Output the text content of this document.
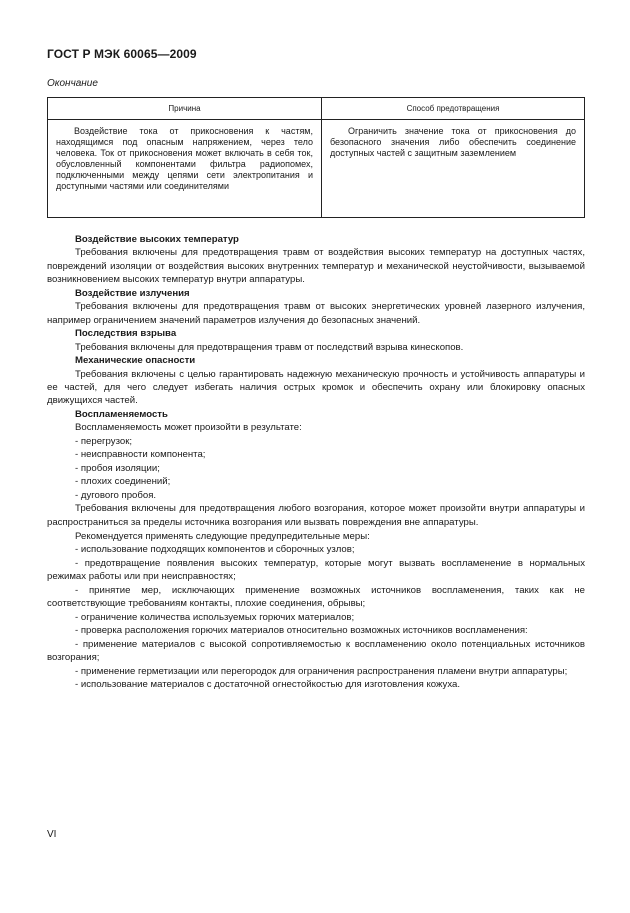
ГОСТ Р МЭК 60065—2009
Окончание
Причина	Способ предотвращения

Воздействие тока от прикосновения к частям, находящимся под опасным напряжением, через тело человека. Ток от прикосновения может включать в себя ток, обусловленный компонентами фильтра радиопомех, подключенными между цепями сети электропитания и доступными частями или соединителями	Ограничить значение тока от прикосновения до безопасного значения либо обеспечить соединение доступных частей с защитным заземлением

Воздействие высоких температур

Требования включены для предотвращения травм от воздействия высоких температур на доступных частях, повреждений изоляции от воздействия высоких внутренних температур и механической неустойчивости, вызываемой возникновением высоких температур внутри аппаратуры.

Воздействие излучения

Требования включены для предотвращения травм от высоких энергетических уровней лазерного излучения, например ограничением значений параметров излучения до безопасных значений.

Последствия взрыва

Требования включены для предотвращения травм от последствий взрыва кинескопов.

Механические опасности

Требования включены с целью гарантировать надежную механическую прочность и устойчивость аппаратуры и ее частей, для чего следует избегать наличия острых кромок и обеспечить охрану или блокировку опасных движущихся частей.

Воспламеняемость

Воспламеняемость может произойти в результате:

- перегрузок;

- неисправности компонента;

- пробоя изоляции;

- плохих соединений;

- дугового пробоя.

Требования включены для предотвращения любого возгорания, которое может произойти внутри аппаратуры и распространиться за пределы источника возгорания или вызвать повреждения вне аппаратуры.

Рекомендуется применять следующие предупредительные меры:

- использование подходящих компонентов и сборочных узлов;

- предотвращение появления высоких температур, которые могут вызвать воспламенение в нормальных режимах работы или при неисправностях;

- принятие мер, исключающих применение возможных источников воспламенения, таких как не соответствующие требованиям контакты, плохие соединения, обрывы;

- ограничение количества используемых горючих материалов;

- проверка расположения горючих материалов относительно возможных источников воспламенения:

- применение материалов с высокой сопротивляемостью к воспламенению около потенциальных источников возгорания;

- применение герметизации или перегородок для ограничения распространения пламени внутри аппаратуры;

- использование материалов с достаточной огнестойкостью для изготовления кожуха.

VI
